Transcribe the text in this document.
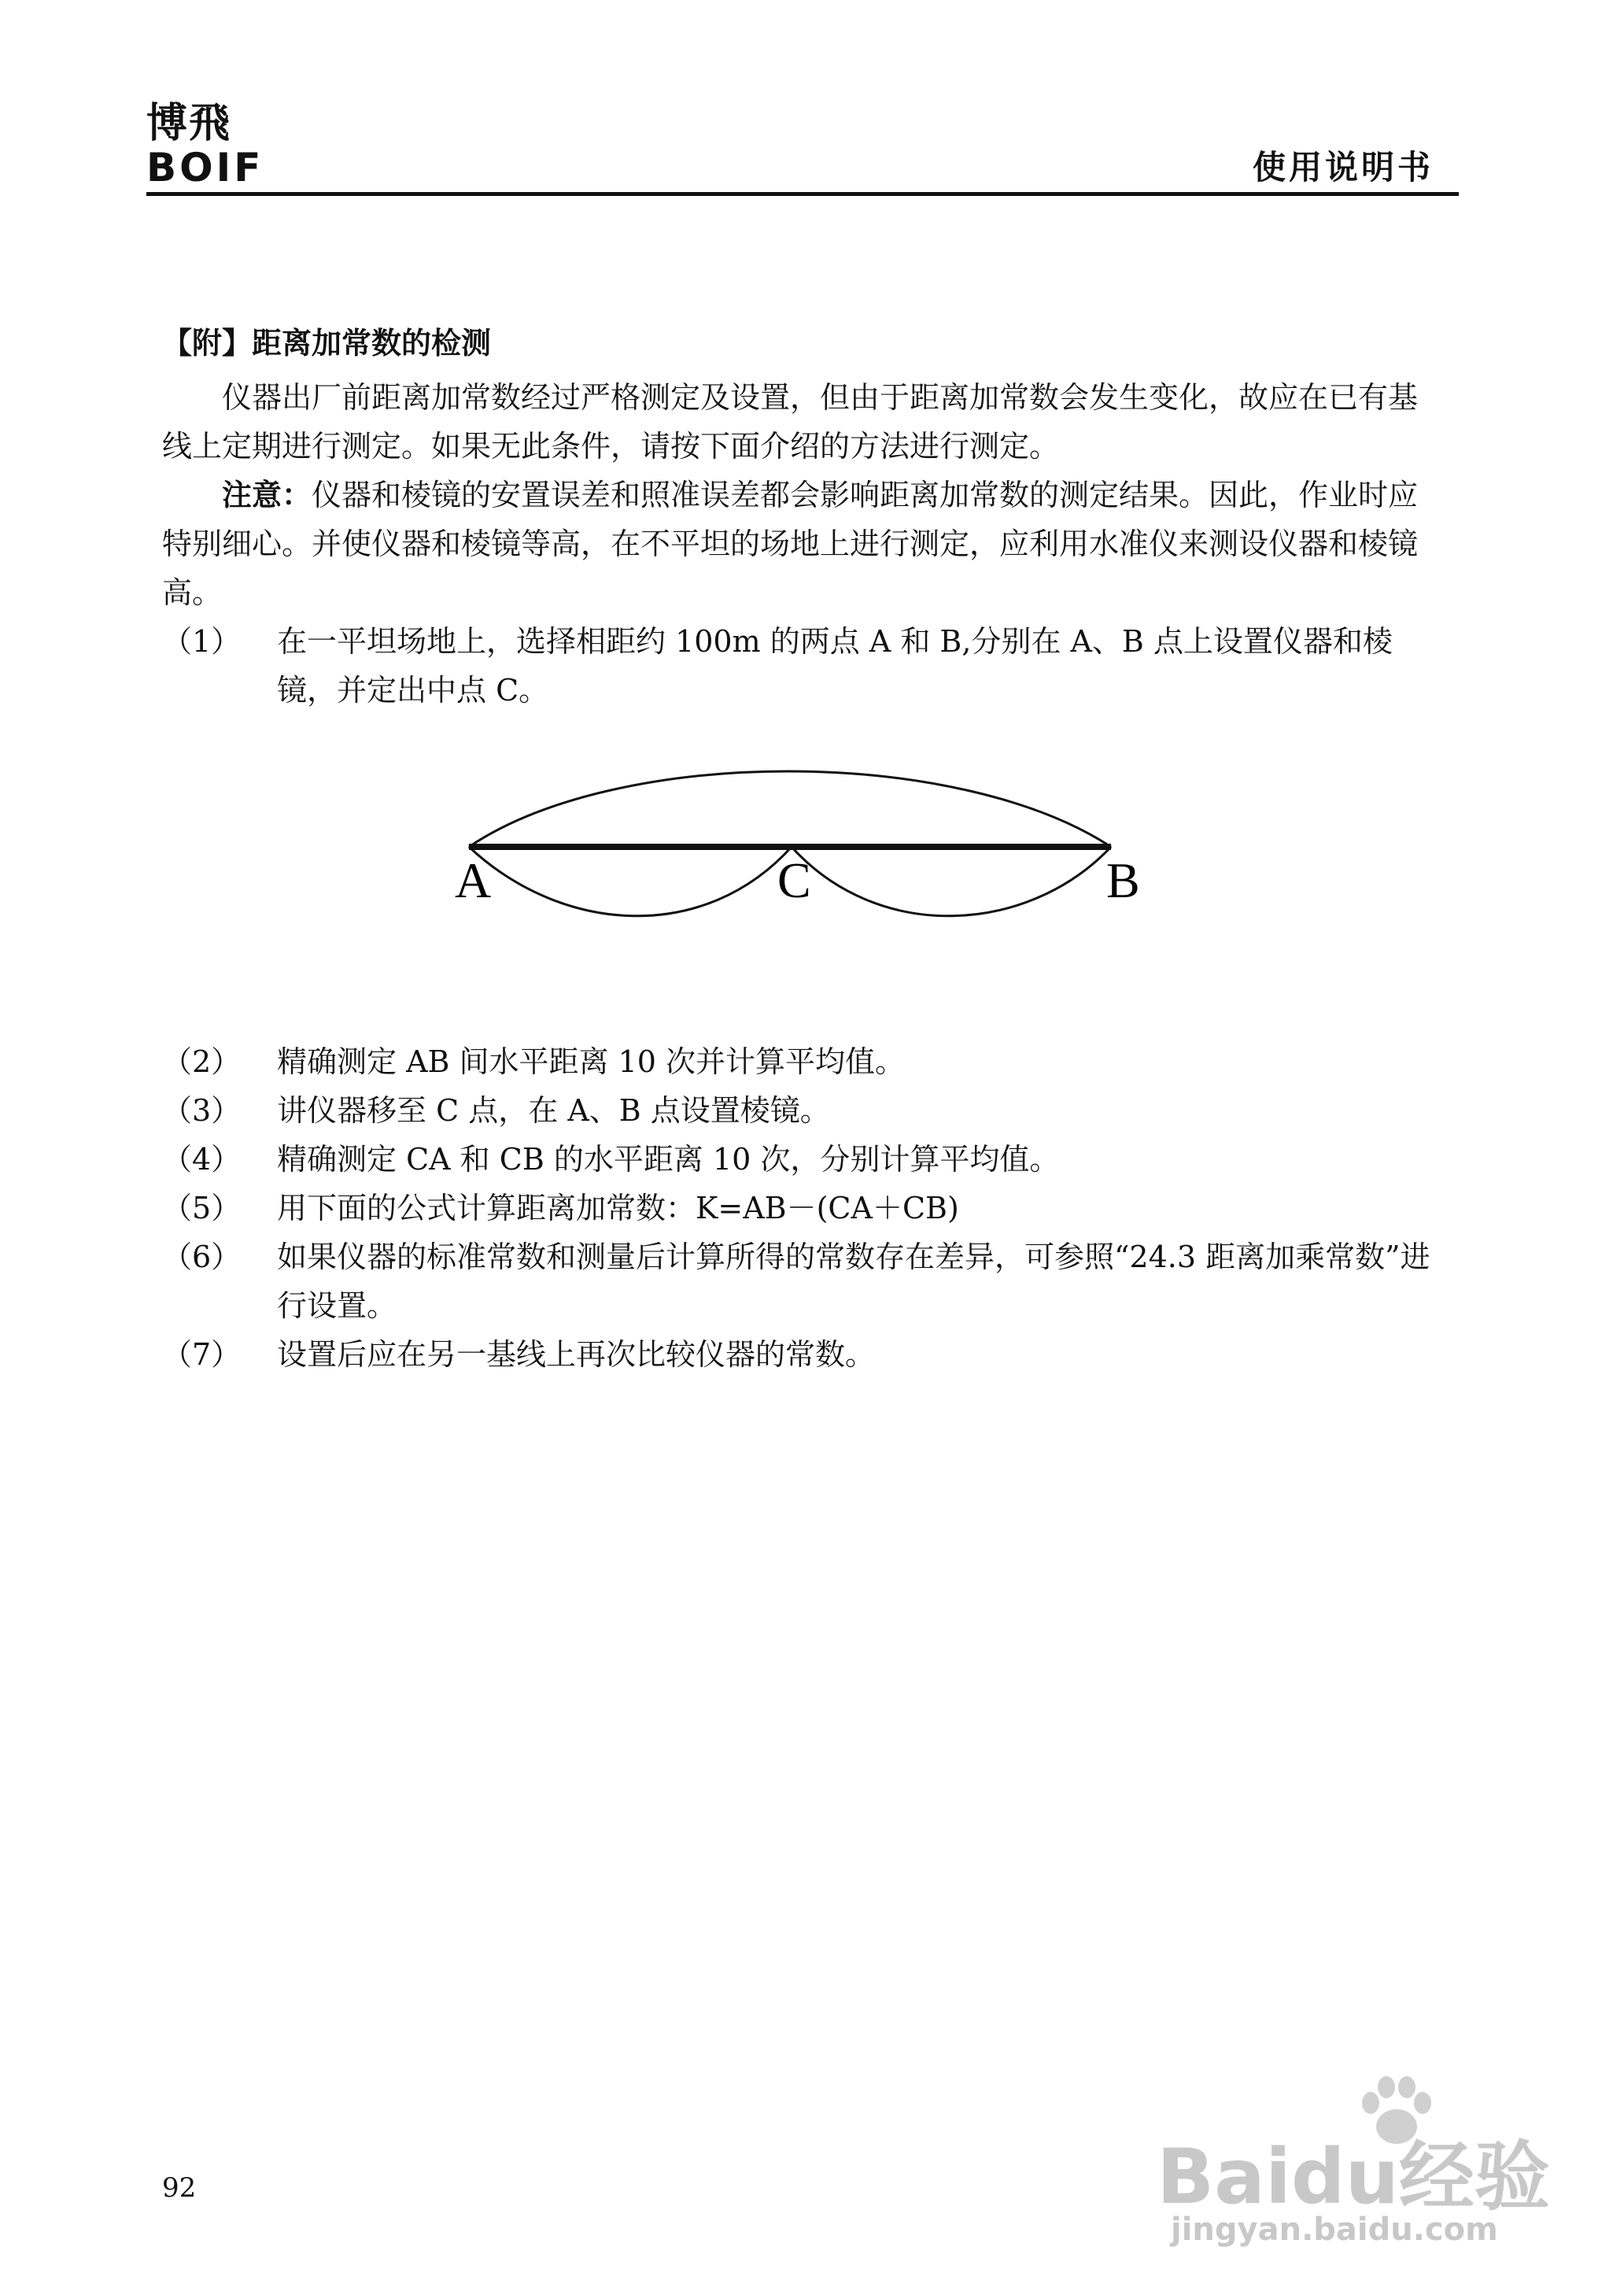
博飛
BOIF	使用说明书
【附】距离加常数的检测
仪器出厂前距离加常数经过严格测定及设置，但由于距离加常数会发生变化，故应在已有基线上定期进行测定。如果无此条件，请按下面介绍的方法进行测定。
注意：仪器和棱镜的安置误差和照准误差都会影响距离加常数的测定结果。因此，作业时应特别细心。并使仪器和棱镜等高，在不平坦的场地上进行测定，应利用水准仪来测设仪器和棱镜高。
（1）	在一平坦场地上，选择相距约 100m 的两点 A 和 B,分别在 A、B 点上设置仪器和棱镜，并定出中点 C。
A	C	B
（2）	精确测定 AB 间水平距离 10 次并计算平均值。
（3）	讲仪器移至 C 点，在 A、B 点设置棱镜。
（4）	精确测定 CA 和 CB 的水平距离 10 次，分别计算平均值。
（5）	用下面的公式计算距离加常数：K=AB－(CA＋CB)
（6）	如果仪器的标准常数和测量后计算所得的常数存在差异，可参照“24.3 距离加乘常数”进行设置。
（7）	设置后应在另一基线上再次比较仪器的常数。
92	Baidu经验
jingyan.baidu.com
